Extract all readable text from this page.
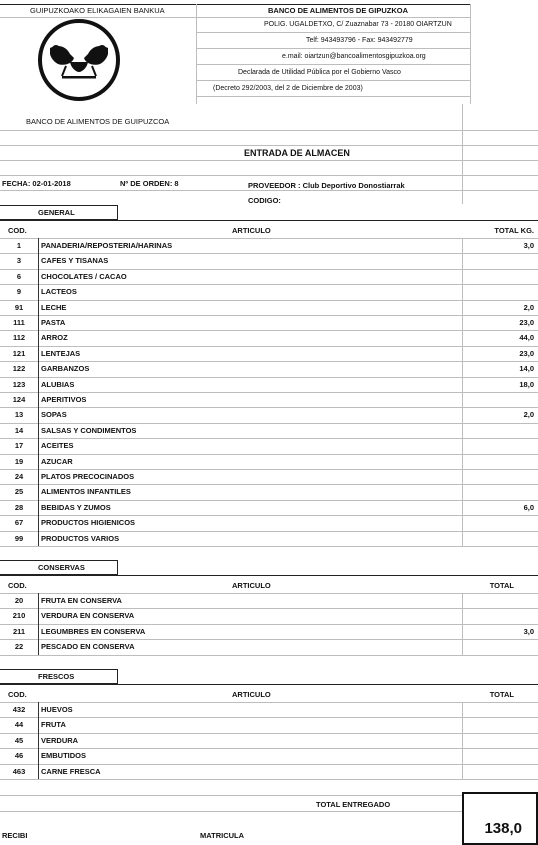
GUIPUZKOAKO ELIKAGAIEN BANKUA	BANCO DE ALIMENTOS DE GIPUZKOA
POLIG. UGALDETXO, C/ Zuaznabar 73 - 20180 OIARTZUN
Telf: 943493796 - Fax: 943492779
e.mail: oiartzun@bancoalimentosgipuzkoa.org
Declarada de Utilidad Pública por el Gobierno Vasco
(Decreto 292/2003, del 2 de Diciembre de 2003)
BANCO DE ALIMENTOS DE GUIPUZCOA
ENTRADA DE ALMACEN
FECHA: 02-01-2018	Nº DE ORDEN: 8	PROVEEDOR : Club Deportivo Donostiarrak
CODIGO:
GENERAL
COD.	ARTICULO	TOTAL KG.
1	PANADERIA/REPOSTERIA/HARINAS	3,0
3	CAFES Y TISANAS
6	CHOCOLATES / CACAO
9	LACTEOS
91	LECHE	2,0
111	PASTA	23,0
112	ARROZ	44,0
121	LENTEJAS	23,0
122	GARBANZOS	14,0
123	ALUBIAS	18,0
124	APERITIVOS
13	SOPAS	2,0
14	SALSAS Y CONDIMENTOS
17	ACEITES
19	AZUCAR
24	PLATOS PRECOCINADOS
25	ALIMENTOS INFANTILES
28	BEBIDAS Y ZUMOS	6,0
67	PRODUCTOS HIGIENICOS
99	PRODUCTOS VARIOS
CONSERVAS
COD.	ARTICULO	TOTAL
20	FRUTA EN CONSERVA
210	VERDURA EN CONSERVA
211	LEGUMBRES EN CONSERVA	3,0
22	PESCADO EN CONSERVA
FRESCOS
COD.	ARTICULO	TOTAL
432	HUEVOS
44	FRUTA
45	VERDURA
46	EMBUTIDOS
463	CARNE FRESCA
TOTAL ENTREGADO
138,0
RECIBI	MATRICULA
